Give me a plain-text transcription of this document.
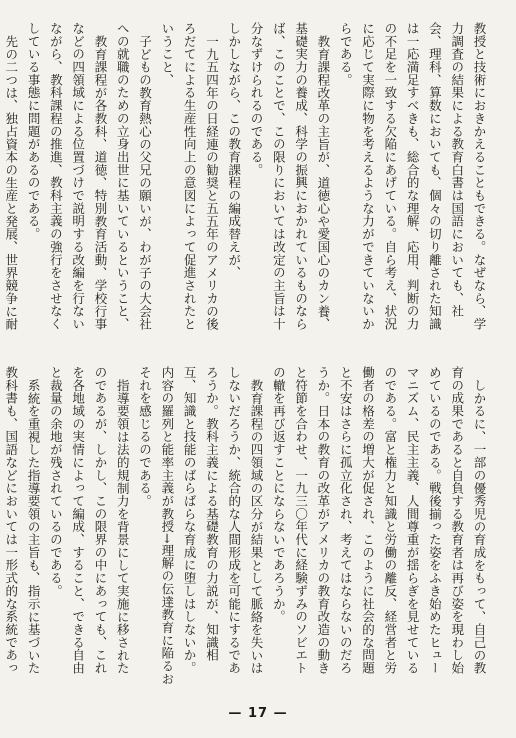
教授と技術におきかえることもできる。なぜなら、学力調査の結果による教育白書は国語においても、社会、理科、算数においても、個々の切り離された知識は一応満足すべきも、総合的な理解、応用、判断の力の不足を一致する欠陥にあげている。自ら考え、状況に応じて実際に物を考えるような力ができていないからである。

教育課程改革の主旨が、道徳心や愛国心のカン養、基礎実力の養成、科学の振興におかれているものならば、このことで、この限りにおいては改定の主旨は十分なずけられるのである。

しかしながら、この教育課程の編成替えが、

一九五四年の日経連の勧奨と五五年のアメリカの後ろだてによる生産性向上の意図によって促進されたということ、

子どもの教育熱心の父兄の願いが、わが子の大会社への就職のための立身出世に基いているということ、

教育課程が各教科、道徳、特別教育活動、学校行事などの四領域による位置づけで説明する改編を行ないながら、教科課程の推進、教科主義の強行をさせなくしている事態に問題があるのである。

先の二つは、独占資本の生産と発展、世界競争に耐

しかるに、一部の優秀児の育成をもって、自己の教育の成果であると自負する教育者は再び姿を現わし始めているのである。戦後揃った姿をふき始めたヒューマニズム、民主主義、人間尊重が揺らぎを見せているのである。富と権力と知識と労働の離反、経営者と労働者の格差の増大が促され、このように社会的な問題と不安はさらに孤立化され、考えてはならないのだろうか。日本の教育の改革がアメリカの教育改造の動きと符節を合わせ、一九三〇年代に経験ずみのソビエトの轍を再び返すことにならないであろうか。

教育課程の四領域の区分が結果として脈絡を失いはしないだろうか、統合的な人間形成を可能にするであろうか。教科主義による基礎教育の力説が、知識相互、知識と技能のばらばらな育成に堕しはしないか。内容の羅列と能率主義が教授→理解の伝達教育に陥るおそれを感じるのである。

指導要領は法的規制力を背景にして実施に移されたのであるが、しかし、この限界の中にあっても、これを各地域の実情によって編成、すること、できる自由と裁量の余地が残されているのである。

系統を重視した指導要領の主旨も、指示に基づいた教科書も、国語などにおいては一形式的な系統であっ

— 17 —
